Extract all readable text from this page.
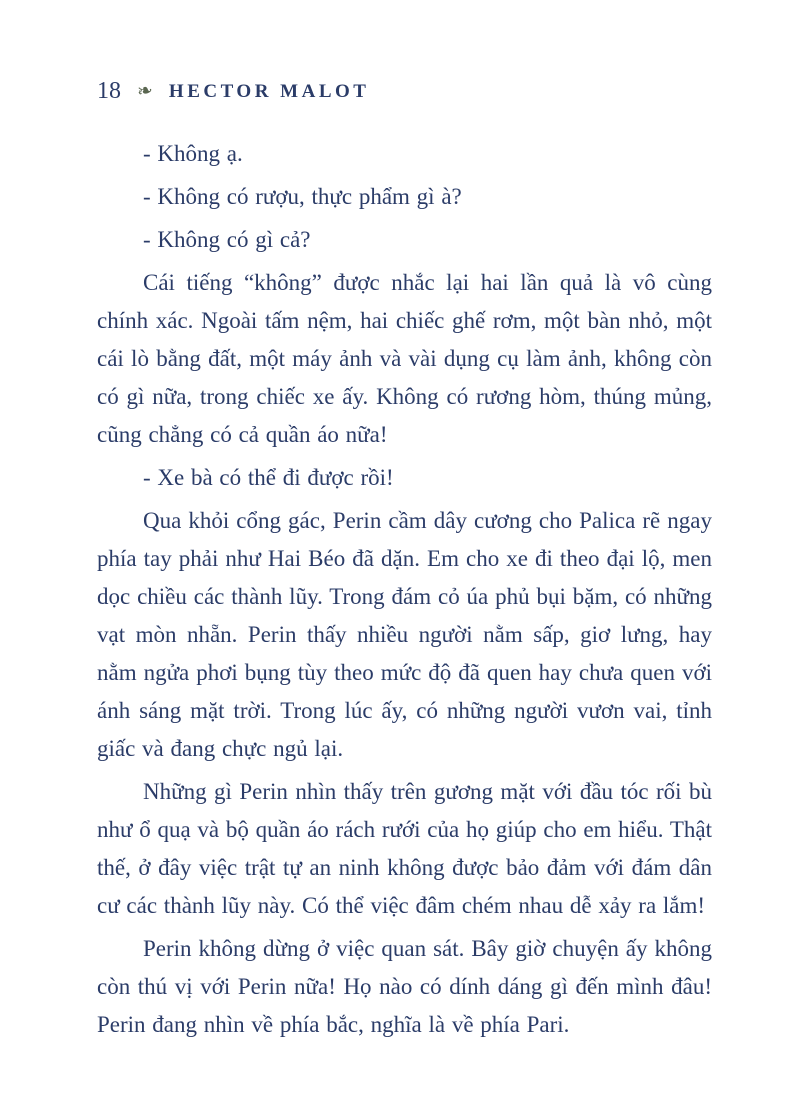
18 ❧ HECTOR MALOT

- Không ạ.

- Không có rượu, thực phẩm gì à?

- Không có gì cả?

Cái tiếng “không” được nhắc lại hai lần quả là vô cùng chính xác. Ngoài tấm nệm, hai chiếc ghế rơm, một bàn nhỏ, một cái lò bằng đất, một máy ảnh và vài dụng cụ làm ảnh, không còn có gì nữa, trong chiếc xe ấy. Không có rương hòm, thúng mủng, cũng chẳng có cả quần áo nữa!

- Xe bà có thể đi được rồi!

Qua khỏi cổng gác, Perin cầm dây cương cho Palica rẽ ngay phía tay phải như Hai Béo đã dặn. Em cho xe đi theo đại lộ, men dọc chiều các thành lũy. Trong đám cỏ úa phủ bụi bặm, có những vạt mòn nhẵn. Perin thấy nhiều người nằm sấp, giơ lưng, hay nằm ngửa phơi bụng tùy theo mức độ đã quen hay chưa quen với ánh sáng mặt trời. Trong lúc ấy, có những người vươn vai, tỉnh giấc và đang chực ngủ lại.

Những gì Perin nhìn thấy trên gương mặt với đầu tóc rối bù như ổ quạ và bộ quần áo rách rưới của họ giúp cho em hiểu. Thật thế, ở đây việc trật tự an ninh không được bảo đảm với đám dân cư các thành lũy này. Có thể việc đâm chém nhau dễ xảy ra lắm!

Perin không dừng ở việc quan sát. Bây giờ chuyện ấy không còn thú vị với Perin nữa! Họ nào có dính dáng gì đến mình đâu! Perin đang nhìn về phía bắc, nghĩa là về phía Pari.
